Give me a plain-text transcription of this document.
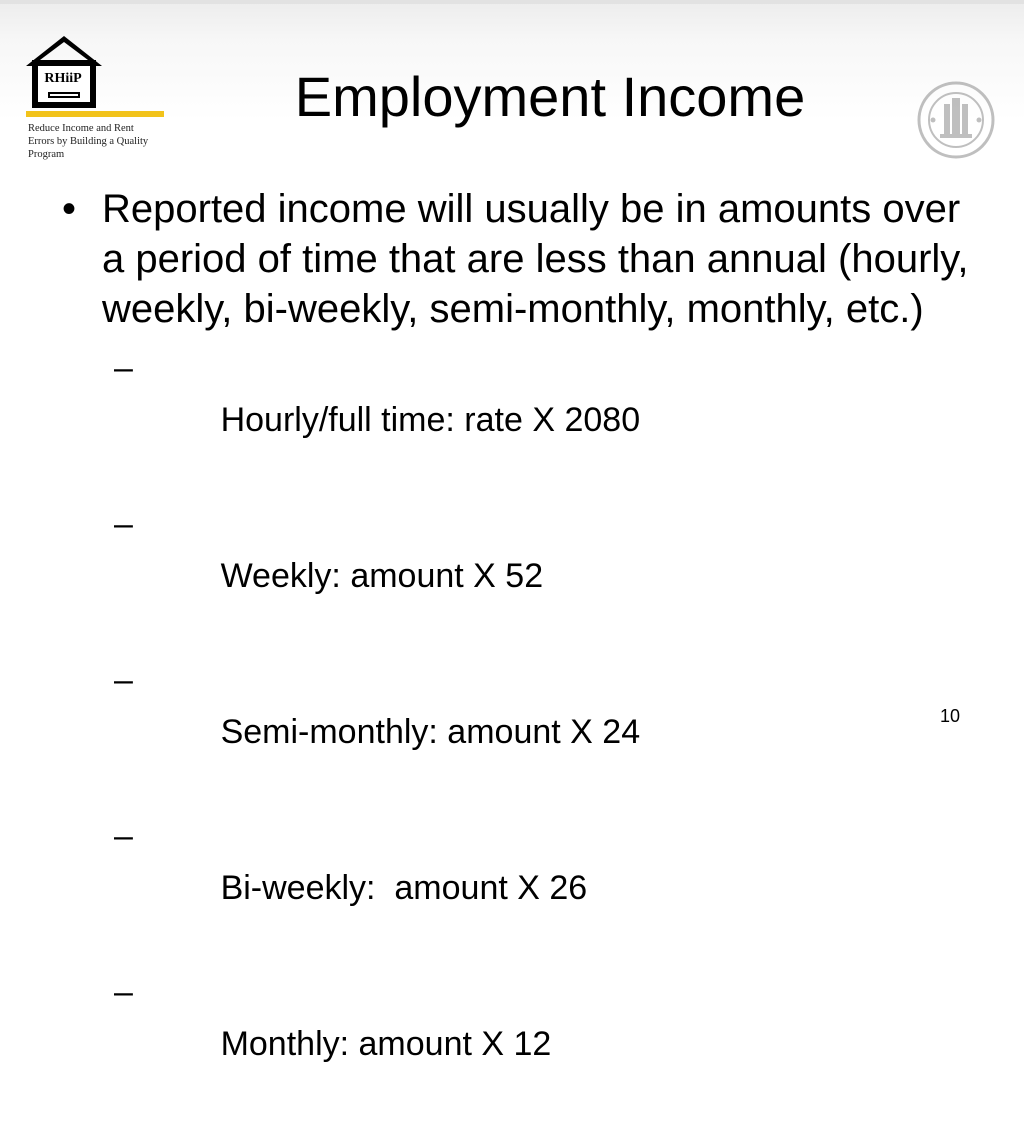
RHiiP
Reduce Income and Rent
Errors by Building a Quality
Program
Employment Income
• Reported income will usually be in amounts over a period of time that are less than annual (hourly, weekly, bi-weekly, semi-monthly, monthly, etc.)

–
Hourly/full time: rate X 2080

–
Weekly: amount X 52

–
Semi-monthly: amount X 24

–
Bi-weekly:  amount X 26

–
Monthly: amount X 12

10
